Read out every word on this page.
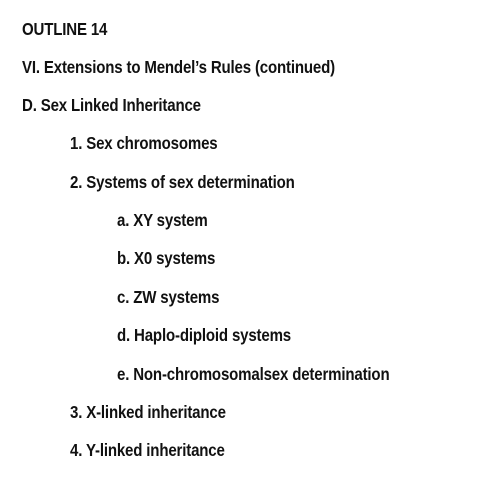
OUTLINE 14
VI. Extensions to Mendel’s Rules (continued)
D. Sex Linked Inheritance
1. Sex chromosomes
2. Systems of sex determination
a. XY system
b. X0 systems
c. ZW systems
d. Haplo-diploid systems
e. Non-chromosomalsex determination
3. X-linked inheritance
4. Y-linked inheritance
